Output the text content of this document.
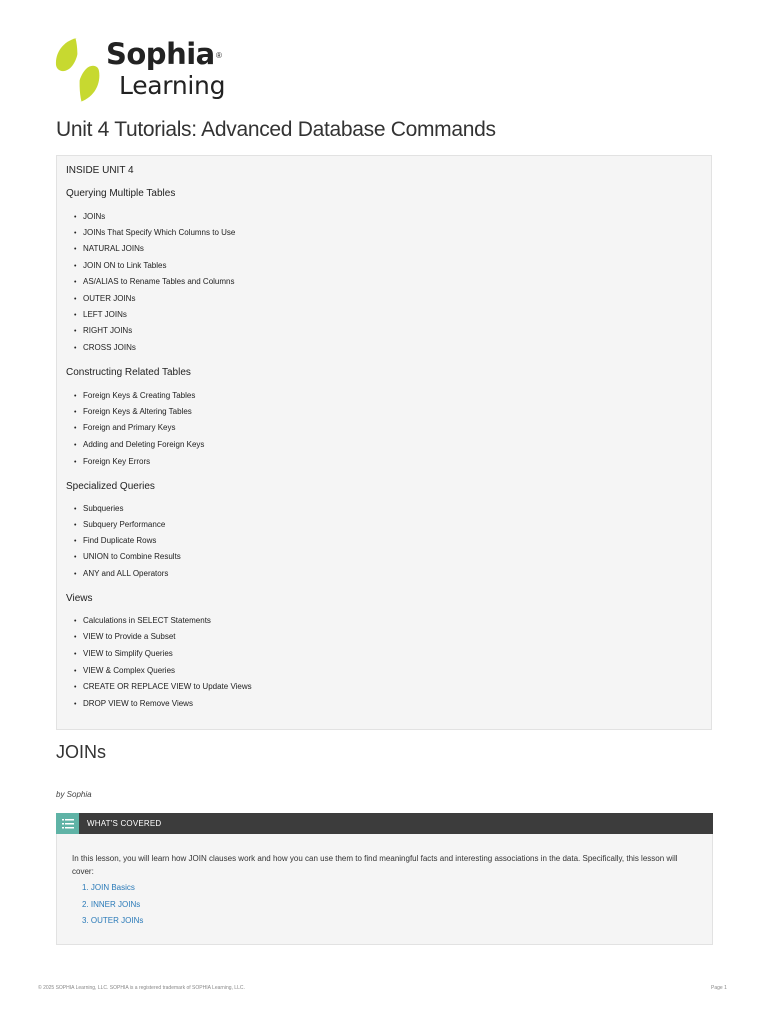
Sophia ®
Learning
Unit 4 Tutorials: Advanced Database Commands
INSIDE UNIT 4
Querying Multiple Tables
• JOINs
• JOINs That Specify Which Columns to Use
• NATURAL JOINs
• JOIN ON to Link Tables
• AS/ALIAS to Rename Tables and Columns
• OUTER JOINs
• LEFT JOINs
• RIGHT JOINs
• CROSS JOINs
Constructing Related Tables
• Foreign Keys & Creating Tables
• Foreign Keys & Altering Tables
• Foreign and Primary Keys
• Adding and Deleting Foreign Keys
• Foreign Key Errors
Specialized Queries
• Subqueries
• Subquery Performance
• Find Duplicate Rows
• UNION to Combine Results
• ANY and ALL Operators
Views
• Calculations in SELECT Statements
• VIEW to Provide a Subset
• VIEW to Simplify Queries
• VIEW & Complex Queries
• CREATE OR REPLACE VIEW to Update Views
• DROP VIEW to Remove Views
JOINs
by Sophia
WHAT'S COVERED
In this lesson, you will learn how JOIN clauses work and how you can use them to find meaningful facts and interesting associations in the data. Specifically, this lesson will cover:
1. JOIN Basics
2. INNER JOINs
3. OUTER JOINs
© 2025 SOPHIA Learning, LLC. SOPHIA is a registered trademark of SOPHIA Learning, LLC.	Page 1
